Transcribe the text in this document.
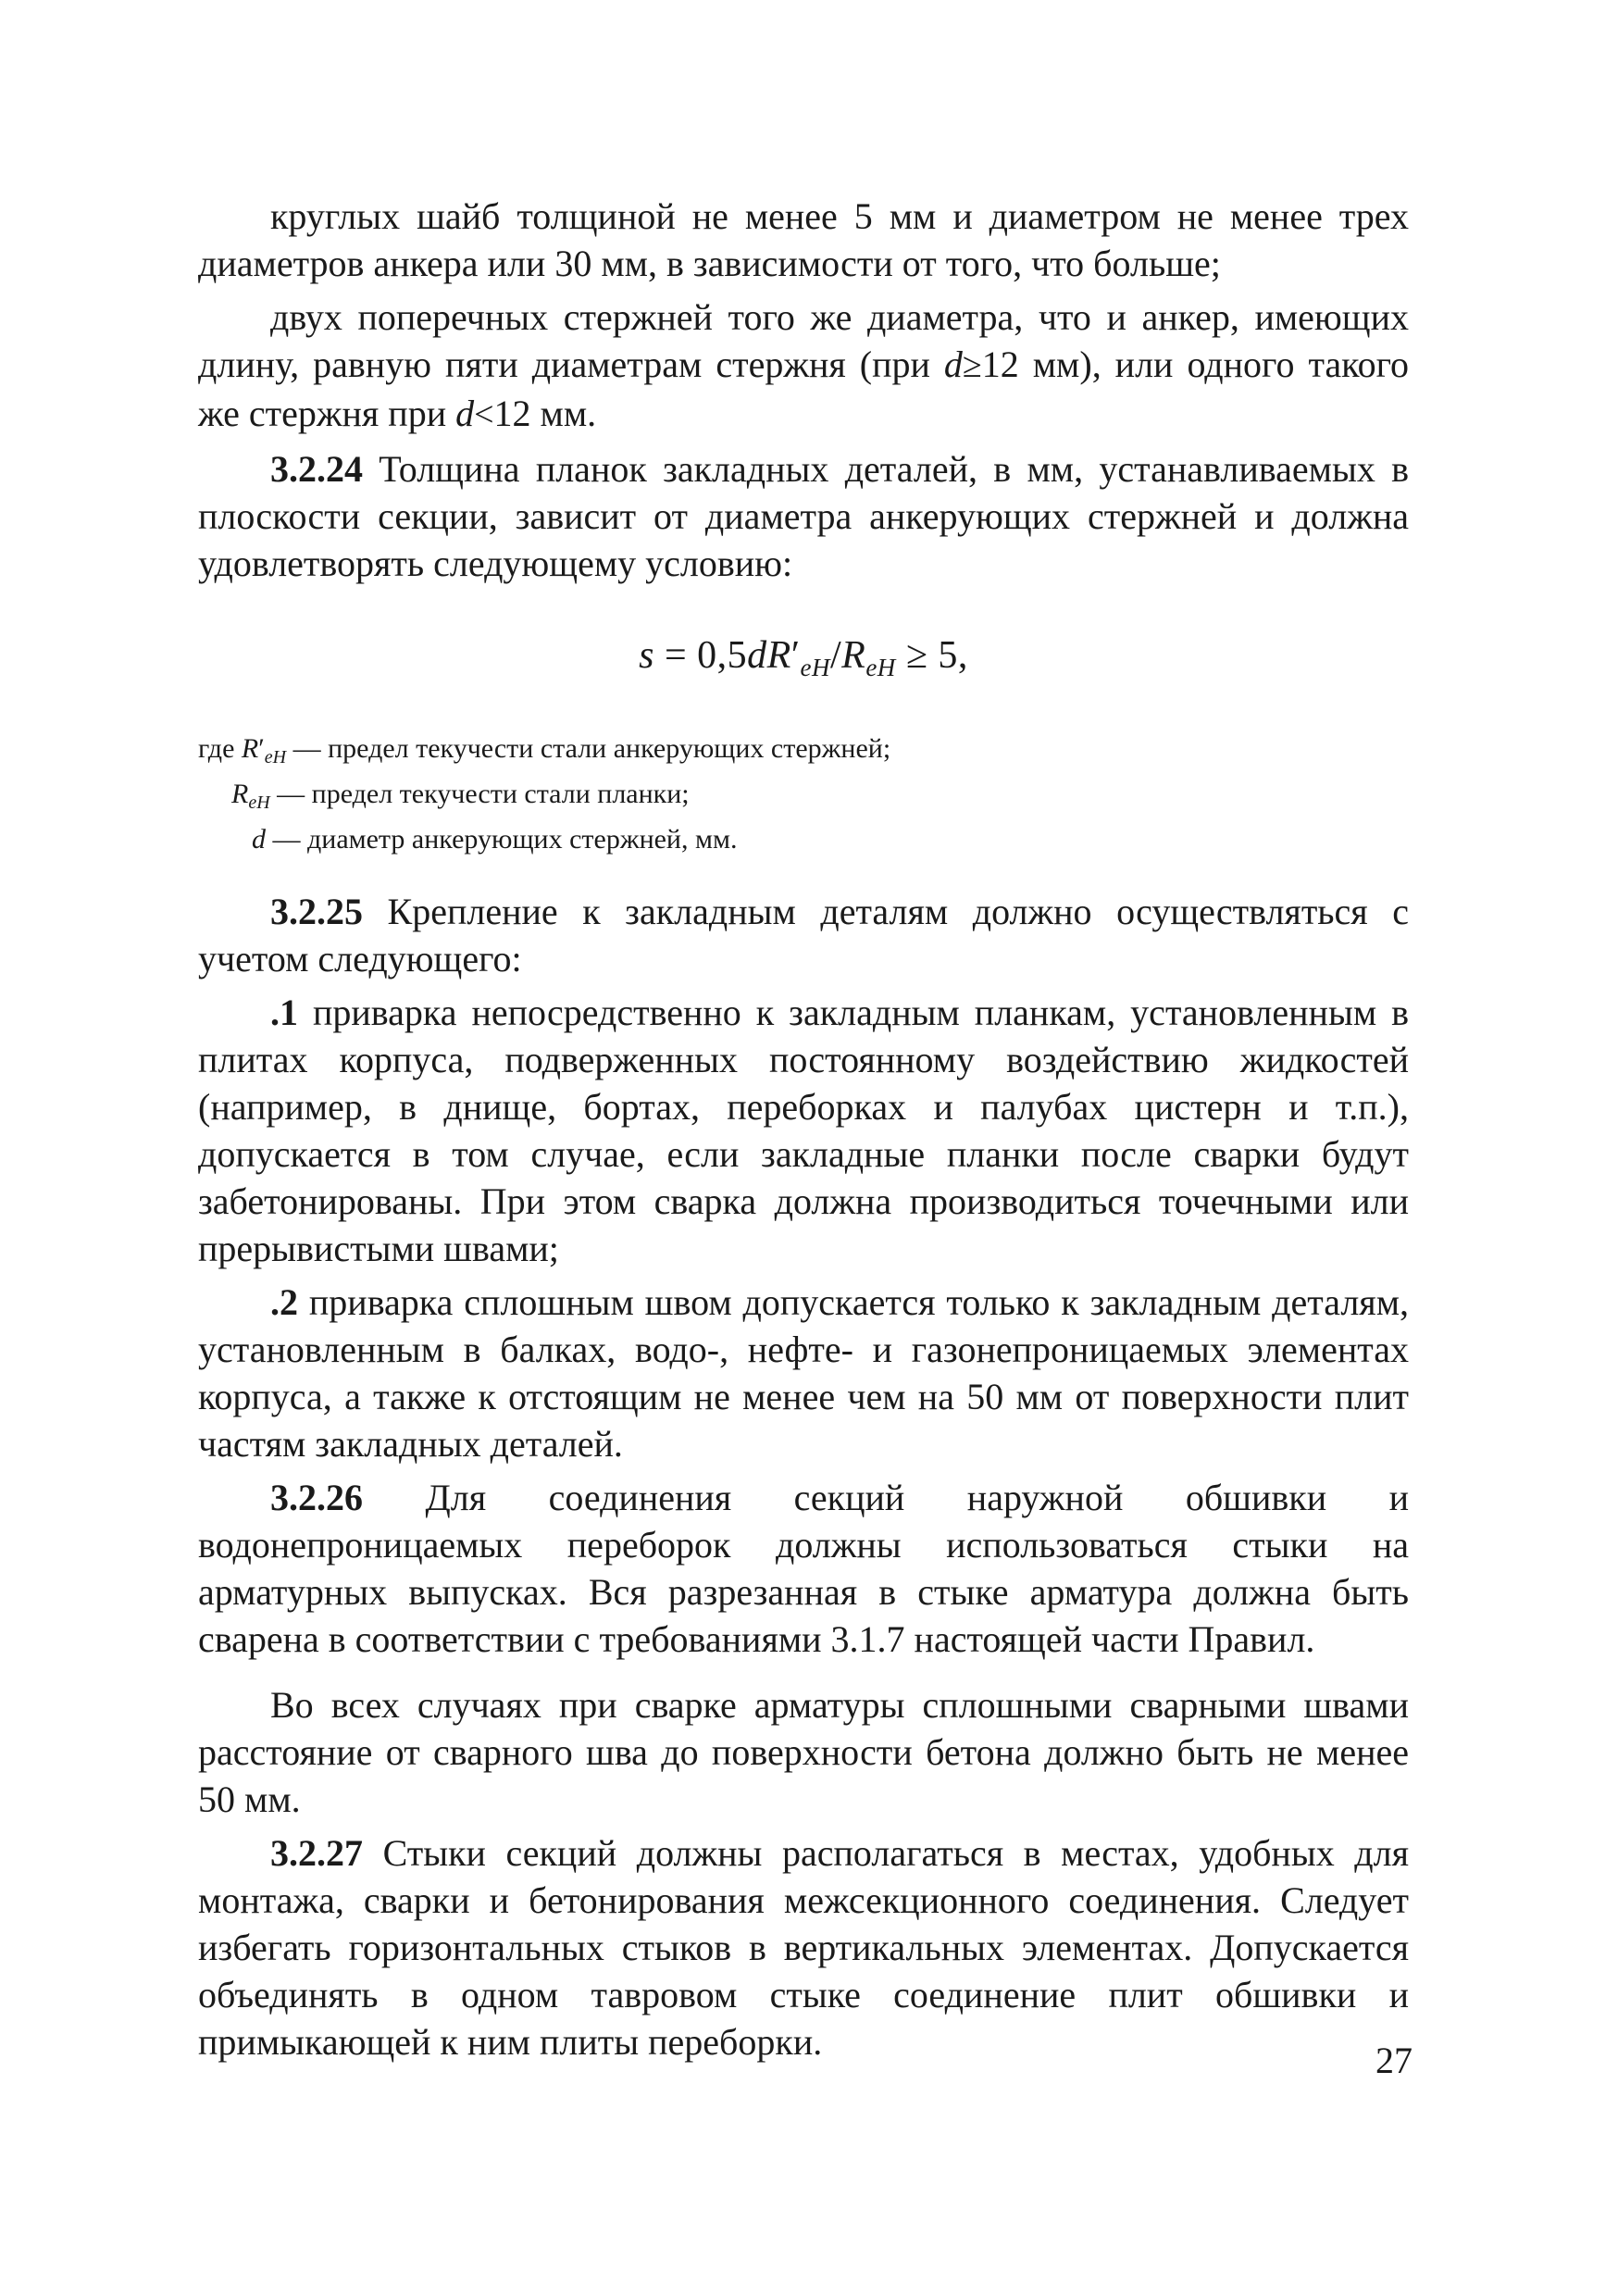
круглых шайб толщиной не менее 5 мм и диаметром не менее трех диаметров анкера или 30 мм, в зависимости от того, что больше;

двух поперечных стержней того же диаметра, что и анкер, имеющих длину, равную пяти диаметрам стержня (при d≥12 мм), или одного такого же стержня при d<12 мм.

3.2.24 Толщина планок закладных деталей, в мм, устанавливаемых в плоскости секции, зависит от диаметра анкерующих стержней и должна удовлетворять следующему условию:

$s = 0,5dR'_{eH}/R_{eH} \ge 5$,
где $R'_{eH}$ — предел текучести стали анкерующих стержней;
$R_{eH}$ — предел текучести стали планки;
d — диаметр анкерующих стержней, мм.

3.2.25 Крепление к закладным деталям должно осуществляться с учетом следующего:

.1 приварка непосредственно к закладным планкам, установленным в плитах корпуса, подверженных постоянному воздействию жидкостей (например, в днище, бортах, переборках и палубах цистерн и т.п.), допускается в том случае, если закладные планки после сварки будут забетонированы. При этом сварка должна производиться точечными или прерывистыми швами;

.2 приварка сплошным швом допускается только к закладным деталям, установленным в балках, водо-, нефте- и газонепроницаемых элементах корпуса, а также к отстоящим не менее чем на 50 мм от поверхности плит частям закладных деталей.

3.2.26 Для соединения секций наружной обшивки и водонепроницаемых переборок должны использоваться стыки на арматурных выпусках. Вся разрезанная в стыке арматура должна быть сварена в соответствии с требованиями 3.1.7 настоящей части Правил.

Во всех случаях при сварке арматуры сплошными сварными швами расстояние от сварного шва до поверхности бетона должно быть не менее 50 мм.

3.2.27 Стыки секций должны располагаться в местах, удобных для монтажа, сварки и бетонирования межсекционного соединения. Следует избегать горизонтальных стыков в вертикальных элементах. Допускается объединять в одном тавровом стыке соединение плит обшивки и примыкающей к ним плиты переборки.	27
